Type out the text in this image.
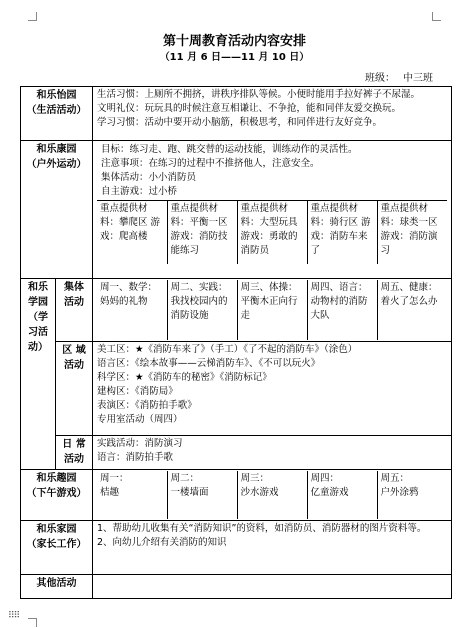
⠿⠿
第十周教育活动内容安排
（11 月 6 日——11 月 10 日）
班级： 中三班
和乐怡园
（生活活动）

生活习惯：上厕所不拥挤，讲秩序排队等候。小便时能用手拉好裤子不尿湿。
文明礼仪：玩玩具的时候注意互相谦让、不争抢，能和同伴友爱交换玩。
学习习惯：活动中要开动小脑筋，积极思考，和同伴进行友好竞争。

和乐康园
（户外运动）

目标：练习走、跑、跳交替的运动技能，训练动作的灵活性。
注意事项：在练习的过程中不推挤他人，注意安全。
集体活动：小小消防员
自主游戏：过小桥
重点提供材料：攀爬区 游戏：爬高楼	重点提供材料：平衡一区 游戏：消防技能练习	重点提供材料：大型玩具 游戏：勇敢的消防员	重点提供材料：骑行区 游戏：消防车来了	重点提供材料：球类一区 游戏：消防演习

和乐
学园
（学
习活
动）

集体
活动

周一、数学：妈妈的礼物	周二、实践：我找校园内的消防设施	周三、体操：平衡木正向行走	周四、语言：动物村的消防大队	周五、健康：着火了怎么办

区 域
活动

美工区：★《消防车来了》（手工）《了不起的消防车》（涂色）
语言区：《绘本故事——云梯消防车》、《不可以玩火》
科学区：★《消防车的秘密》《消防标记》
建构区：《消防局》
表演区：《消防拍手歌》
专用室活动（周四）

日 常
活动

实践活动：消防演习
语言：消防拍手歌

和乐趣园
（下午游戏）

周一：
桔趣

周二：
一楼墙面

周三：
沙水游戏

周四：
亿童游戏

周五：
户外涂鸦

和乐家园
（家长工作）

1、帮助幼儿收集有关“消防知识”的资料，如消防员、消防器材的图片资料等。
2、向幼儿介绍有关消防的知识

其他活动	
